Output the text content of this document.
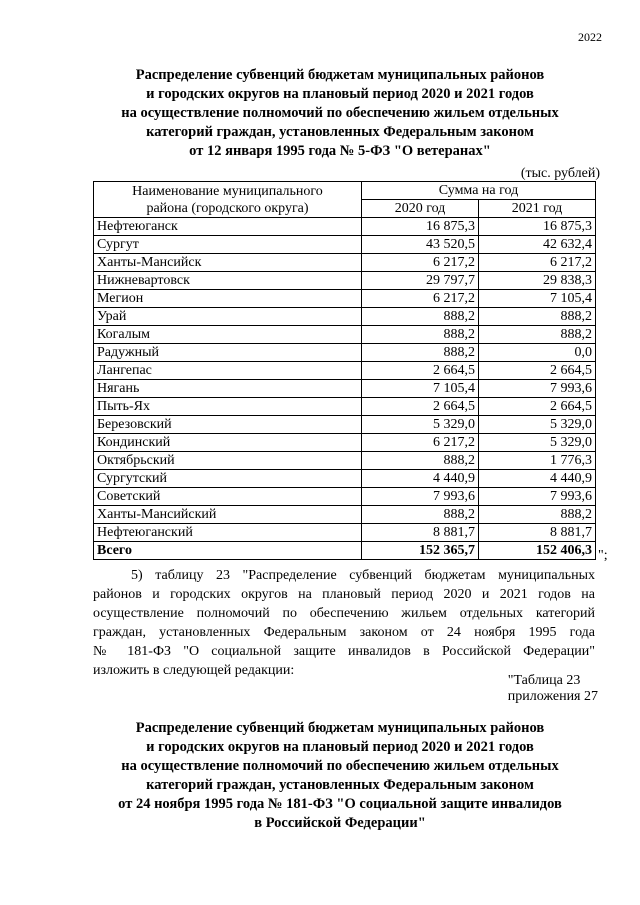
2022
Распределение субвенций бюджетам муниципальных районов
и городских округов на плановый период 2020 и 2021 годов
на осуществление полномочий по обеспечению жильем отдельных
категорий граждан, установленных Федеральным законом
от 12 января 1995 года № 5-ФЗ "О ветеранах"
(тыс. рублей)
Наименование муниципального
района (городского округа)	Сумма на год	
	2020 год	2021 год
Нефтеюганск	16 875,3	16 875,3
Сургут	43 520,5	42 632,4
Ханты-Мансийск	6 217,2	6 217,2
Нижневартовск	29 797,7	29 838,3
Мегион	6 217,2	7 105,4
Урай	888,2	888,2
Когалым	888,2	888,2
Радужный	888,2	0,0
Лангепас	2 664,5	2 664,5
Нягань	7 105,4	7 993,6
Пыть-Ях	2 664,5	2 664,5
Березовский	5 329,0	5 329,0
Кондинский	6 217,2	5 329,0
Октябрьский	888,2	1 776,3
Сургутский	4 440,9	4 440,9
Советский	7 993,6	7 993,6
Ханты-Мансийский	888,2	888,2
Нефтеюганский	8 881,7	8 881,7
Всего	152 365,7	152 406,3 ";
5) таблицу 23 "Распределение субвенций бюджетам муниципальных
районов и городских округов на плановый период 2020 и 2021 годов на
осуществление полномочий по обеспечению жильем отдельных категорий
граждан, установленных Федеральным законом от 24 ноября 1995 года
№ 181-ФЗ "О социальной защите инвалидов в Российской Федерации"
изложить в следующей редакции:
"Таблица 23
приложения 27
Распределение субвенций бюджетам муниципальных районов
и городских округов на плановый период 2020 и 2021 годов
на осуществление полномочий по обеспечению жильем отдельных
категорий граждан, установленных Федеральным законом
от 24 ноября 1995 года № 181-ФЗ "О социальной защите инвалидов
в Российской Федерации"
